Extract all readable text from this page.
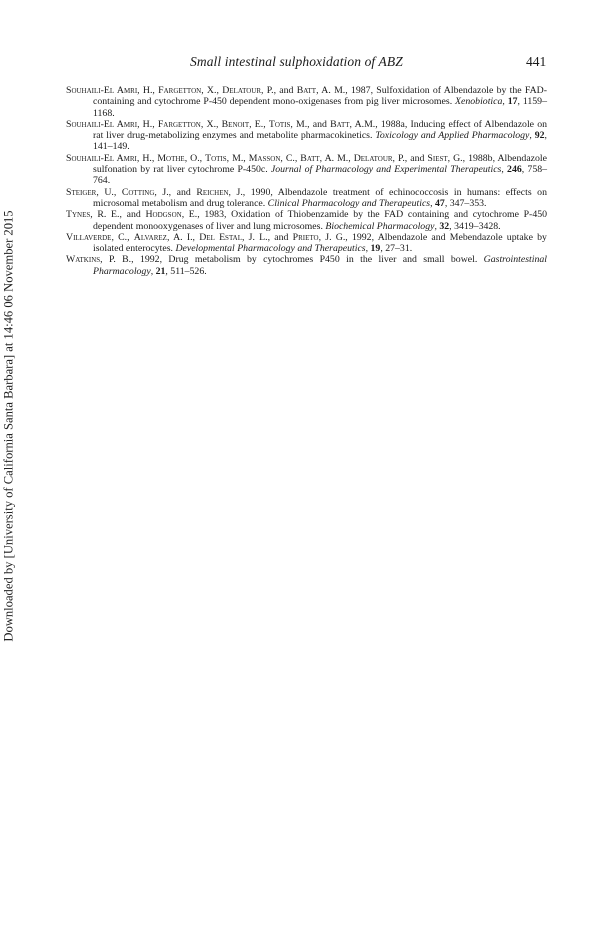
Small intestinal sulphoxidation of ABZ	441
Souhaili-El Amri, H., Fargetton, X., Delatour, P., and Batt, A. M., 1987, Sulfoxidation of Albendazole by the FAD-containing and cytochrome P-450 dependent mono-oxigenases from pig liver microsomes. Xenobiotica, 17, 1159–1168.
Souhaili-El Amri, H., Fargetton, X., Benoit, E., Totis, M., and Batt, A.M., 1988a, Inducing effect of Albendazole on rat liver drug-metabolizing enzymes and metabolite pharmacokinetics. Toxicology and Applied Pharmacology, 92, 141–149.
Souhaili-El Amri, H., Mothe, O., Totis, M., Masson, C., Batt, A. M., Delatour, P., and Siest, G., 1988b, Albendazole sulfonation by rat liver cytochrome P-450c. Journal of Pharmacology and Experimental Therapeutics, 246, 758–764.
Steiger, U., Cotting, J., and Reichen, J., 1990, Albendazole treatment of echinococcosis in humans: effects on microsomal metabolism and drug tolerance. Clinical Pharmacology and Therapeutics, 47, 347–353.
Tynes, R. E., and Hodgson, E., 1983, Oxidation of Thiobenzamide by the FAD containing and cytochrome P-450 dependent monooxygenases of liver and lung microsomes. Biochemical Pharmacology, 32, 3419–3428.
Villaverde, C., Alvarez, A. I., Del Estal, J. L., and Prieto, J. G., 1992, Albendazole and Mebendazole uptake by isolated enterocytes. Developmental Pharmacology and Therapeutics, 19, 27–31.
Watkins, P. B., 1992, Drug metabolism by cytochromes P450 in the liver and small bowel. Gastrointestinal Pharmacology, 21, 511–526.
Downloaded by [University of California Santa Barbara] at 14:46 06 November 2015
